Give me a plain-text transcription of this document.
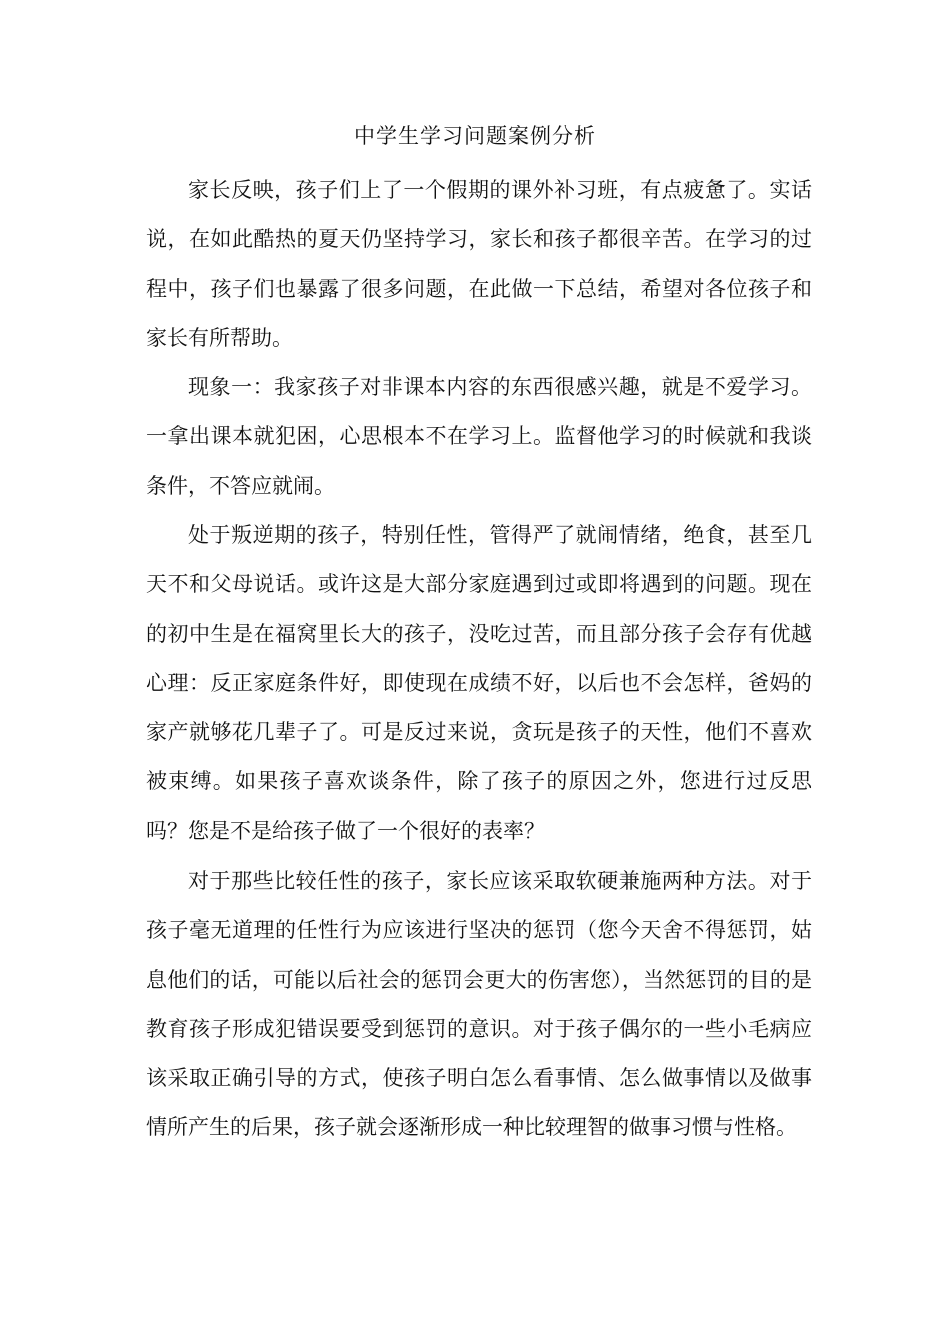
中学生学习问题案例分析

家长反映，孩子们上了一个假期的课外补习班，有点疲惫了。实话说，在如此酷热的夏天仍坚持学习，家长和孩子都很辛苦。在学习的过程中，孩子们也暴露了很多问题，在此做一下总结，希望对各位孩子和家长有所帮助。

现象一：我家孩子对非课本内容的东西很感兴趣，就是不爱学习。一拿出课本就犯困，心思根本不在学习上。监督他学习的时候就和我谈条件，不答应就闹。

处于叛逆期的孩子，特别任性，管得严了就闹情绪，绝食，甚至几天不和父母说话。或许这是大部分家庭遇到过或即将遇到的问题。现在的初中生是在福窝里长大的孩子，没吃过苦，而且部分孩子会存有优越心理：反正家庭条件好，即使现在成绩不好，以后也不会怎样，爸妈的家产就够花几辈子了。可是反过来说，贪玩是孩子的天性，他们不喜欢被束缚。如果孩子喜欢谈条件，除了孩子的原因之外，您进行过反思吗？您是不是给孩子做了一个很好的表率？

对于那些比较任性的孩子，家长应该采取软硬兼施两种方法。对于孩子毫无道理的任性行为应该进行坚决的惩罚（您今天舍不得惩罚，姑息他们的话，可能以后社会的惩罚会更大的伤害您），当然惩罚的目的是教育孩子形成犯错误要受到惩罚的意识。对于孩子偶尔的一些小毛病应该采取正确引导的方式，使孩子明白怎么看事情、怎么做事情以及做事情所产生的后果，孩子就会逐渐形成一种比较理智的做事习惯与性格。
